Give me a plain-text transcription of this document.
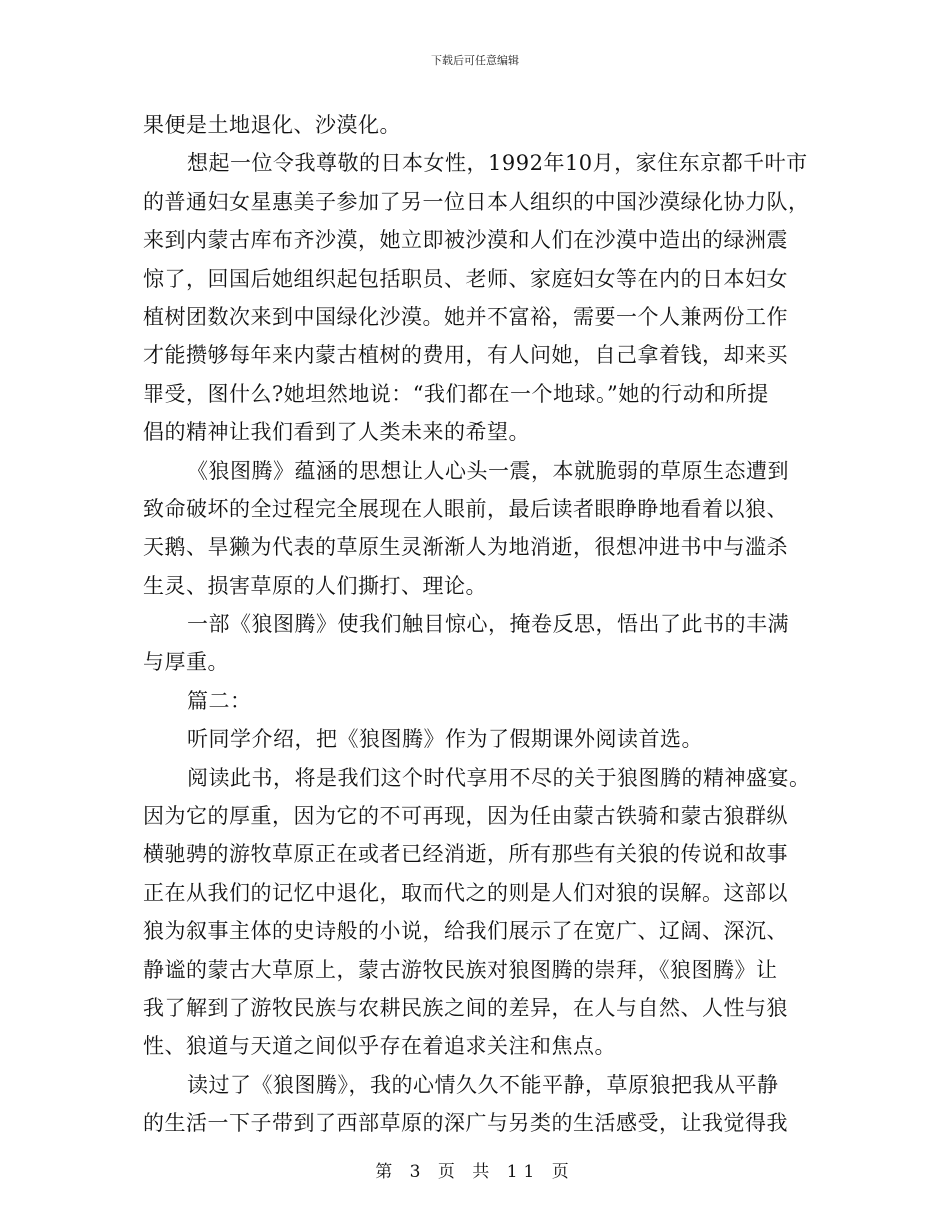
下载后可任意编辑
果便是土地退化、沙漠化。
想起一位令我尊敬的日本女性，1992年10月，家住东京都千叶市
的普通妇女星惠美子参加了另一位日本人组织的中国沙漠绿化协力队，
来到内蒙古库布齐沙漠，她立即被沙漠和人们在沙漠中造出的绿洲震
惊了，回国后她组织起包括职员、老师、家庭妇女等在内的日本妇女
植树团数次来到中国绿化沙漠。她并不富裕，需要一个人兼两份工作
才能攒够每年来内蒙古植树的费用，有人问她，自己拿着钱，却来买
罪受，图什么?她坦然地说：“我们都在一个地球。”她的行动和所提
倡的精神让我们看到了人类未来的希望。
《狼图腾》蕴涵的思想让人心头一震，本就脆弱的草原生态遭到
致命破坏的全过程完全展现在人眼前，最后读者眼睁睁地看着以狼、
天鹅、旱獭为代表的草原生灵渐渐人为地消逝，很想冲进书中与滥杀
生灵、损害草原的人们撕打、理论。
一部《狼图腾》使我们触目惊心，掩卷反思，悟出了此书的丰满
与厚重。
篇二：
听同学介绍，把《狼图腾》作为了假期课外阅读首选。
阅读此书，将是我们这个时代享用不尽的关于狼图腾的精神盛宴。
因为它的厚重，因为它的不可再现，因为任由蒙古铁骑和蒙古狼群纵
横驰骋的游牧草原正在或者已经消逝，所有那些有关狼的传说和故事
正在从我们的记忆中退化，取而代之的则是人们对狼的误解。这部以
狼为叙事主体的史诗般的小说，给我们展示了在宽广、辽阔、深沉、
静谧的蒙古大草原上，蒙古游牧民族对狼图腾的崇拜，《狼图腾》让
我了解到了游牧民族与农耕民族之间的差异，在人与自然、人性与狼
性、狼道与天道之间似乎存在着追求关注和焦点。
读过了《狼图腾》，我的心情久久不能平静，草原狼把我从平静
的生活一下子带到了西部草原的深广与另类的生活感受，让我觉得我
第 3 页 共 11 页
